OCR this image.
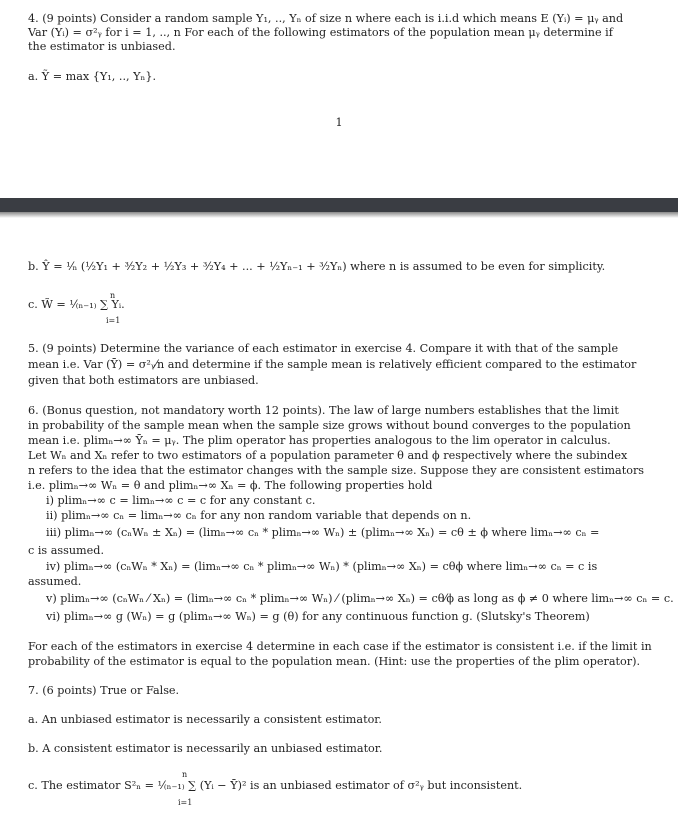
4. (9 points) Consider a random sample Y₁, .., Yₙ of size n where each is i.i.d which means E (Yᵢ) = μᵧ and
Var (Yᵢ) = σ²ᵧ for i = 1, .., n For each of the following estimators of the population mean μᵧ determine if
the estimator is unbiased.
a. Ỹ = max {Y₁, .., Yₙ}.
1
b. Ŷ = ¹⁄ₙ (½Y₁ + ³⁄₂Y₂ + ½Y₃ + ³⁄₂Y₄ + ... + ½Yₙ₋₁ + ³⁄₂Yₙ) where n is assumed to be even for simplicity.
n
c. W̃ = ¹⁄₍ₙ₋₁₎ ∑ Yᵢ.
i=1
5. (9 points) Determine the variance of each estimator in exercise 4. Compare it with that of the sample
mean i.e. Var (Ȳ) = σ²ᵧ⁄n and determine if the sample mean is relatively efficient compared to the estimator
given that both estimators are unbiased.
6. (Bonus question, not mandatory worth 12 points). The law of large numbers establishes that the limit
in probability of the sample mean when the sample size grows without bound converges to the population
mean i.e. plimₙ→∞ Ȳₙ = μᵧ. The plim operator has properties analogous to the lim operator in calculus.
Let Wₙ and Xₙ refer to two estimators of a population parameter θ and ϕ respectively where the subindex
n refers to the idea that the estimator changes with the sample size. Suppose they are consistent estimators
i.e. plimₙ→∞ Wₙ = θ and plimₙ→∞ Xₙ = ϕ. The following properties hold
i) plimₙ→∞ c = limₙ→∞ c = c for any constant c.
ii) plimₙ→∞ cₙ = limₙ→∞ cₙ for any non random variable that depends on n.
iii) plimₙ→∞ (cₙWₙ ± Xₙ) = (limₙ→∞ cₙ * plimₙ→∞ Wₙ) ± (plimₙ→∞ Xₙ) = cθ ± ϕ where limₙ→∞ cₙ =
c is assumed.
iv) plimₙ→∞ (cₙWₙ * Xₙ) = (limₙ→∞ cₙ * plimₙ→∞ Wₙ) * (plimₙ→∞ Xₙ) = cθϕ where limₙ→∞ cₙ = c is
assumed.
v) plimₙ→∞ (cₙWₙ ⁄ Xₙ) = (limₙ→∞ cₙ * plimₙ→∞ Wₙ) ⁄ (plimₙ→∞ Xₙ) = cθ⁄ϕ as long as ϕ ≠ 0 where limₙ→∞ cₙ = c.
vi) plimₙ→∞ g (Wₙ) = g (plimₙ→∞ Wₙ) = g (θ) for any continuous function g. (Slutsky's Theorem)
For each of the estimators in exercise 4 determine in each case if the estimator is consistent i.e. if the limit in
probability of the estimator is equal to the population mean. (Hint: use the properties of the plim operator).
7. (6 points) True or False.
a. An unbiased estimator is necessarily a consistent estimator.
b. A consistent estimator is necessarily an unbiased estimator.
n
c. The estimator S²ₙ = ¹⁄₍ₙ₋₁₎ ∑ (Yᵢ − Ȳ)² is an unbiased estimator of σ²ᵧ but inconsistent.
i=1
